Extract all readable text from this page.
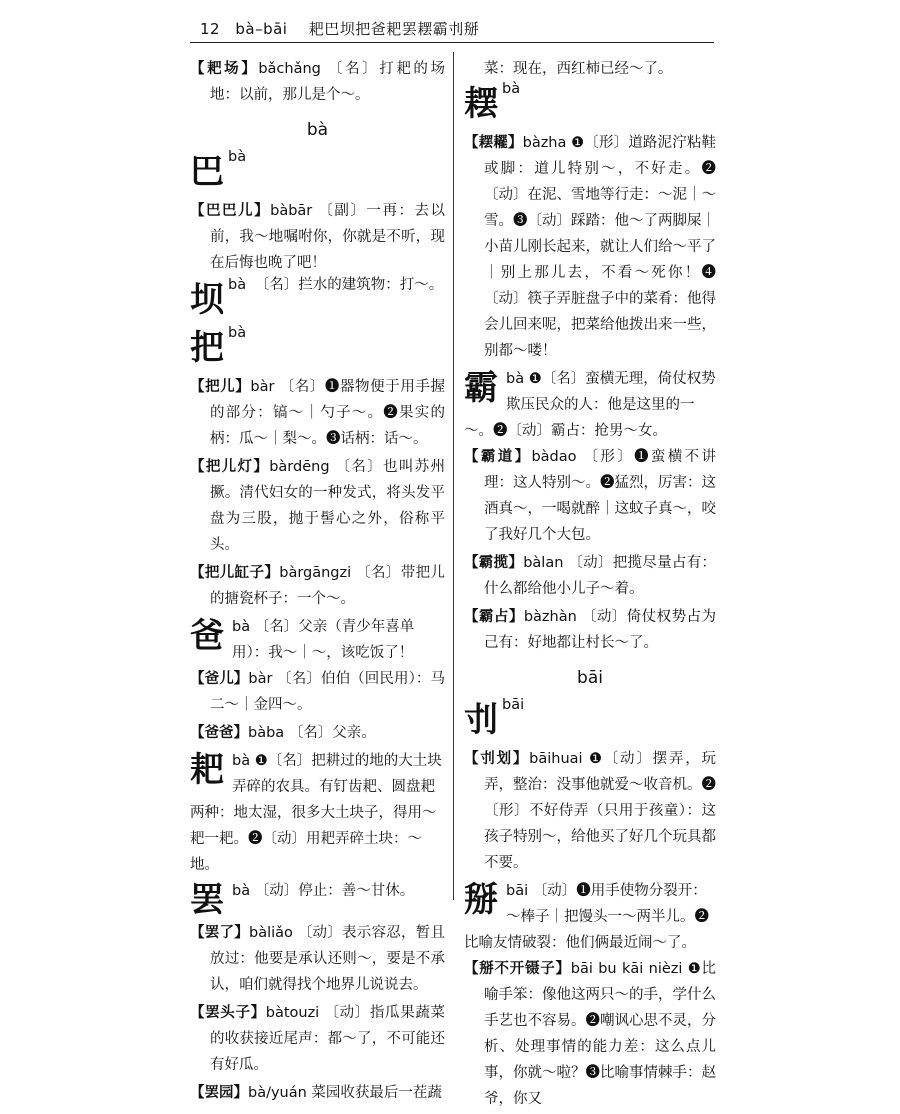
12 bà–bāi 耙巴坝把爸耙罢䎬霸刌掰
【耙场】bǎchǎng 〔名〕打耙的场地：以前，那儿是个～。
bà
巴bà
【巴巴儿】bàbār 〔副〕一再：去以前，我～地嘱咐你，你就是不听，现在后悔也晚了吧！
坝bà 〔名〕拦水的建筑物：打～。
把bà
【把儿】bàr 〔名〕❶器物便于用手握的部分：镐～｜勺子～。❷果实的柄：瓜～｜梨～。❸话柄：话～。
【把儿灯】bàrdēng 〔名〕也叫苏州撅。清代妇女的一种发式，将头发平盘为三股，抛于髻心之外，俗称平头。
【把儿缸子】bàrgāngzi 〔名〕带把儿的搪瓷杯子：一个～。
爸bà 〔名〕父亲（青少年喜单用）：我～｜～，该吃饭了！
【爸儿】bàr 〔名〕伯伯（回民用）：马二～｜金四～。
【爸爸】bàba 〔名〕父亲。
耙bà ❶〔名〕把耕过的地的大土块弄碎的农具。有钉齿耙、圆盘耙两种：地太湿，很多大土块子，得用～耙一耙。❷〔动〕用耙弄碎土块：～地。
罢bà 〔动〕停止：善～甘休。
【罢了】bàliǎo 〔动〕表示容忍，暂且放过：他要是承认还则～，要是不承认，咱们就得找个地界儿说说去。
【罢头子】bàtouzi 〔动〕指瓜果蔬菜的收获接近尾声：都～了，不可能还有好瓜。
【罢园】bà/yuán 菜园收获最后一茬蔬
菜：现在，西红柿已经～了。
䎬bà
【䎬䎱】bàzha ❶〔形〕道路泥泞粘鞋或脚：道儿特别～，不好走。❷〔动〕在泥、雪地等行走：～泥｜～雪。❸〔动〕踩踏：他～了两脚屎｜小苗儿刚长起来，就让人们给～平了｜别上那儿去，不看～死你！❹〔动〕筷子弄脏盘子中的菜肴：他得会儿回来呢，把菜给他拨出来一些，别都～喽！
霸bà ❶〔名〕蛮横无理，倚仗权势欺压民众的人：他是这里的一～。❷〔动〕霸占：抢男～女。
【霸道】bàdao 〔形〕❶蛮横不讲理：这人特别～。❷猛烈，厉害：这酒真～，一喝就醉｜这蚊子真～，咬了我好几个大包。
【霸揽】bàlan 〔动〕把揽尽量占有：什么都给他小儿子～着。
【霸占】bàzhàn 〔动〕倚仗权势占为己有：好地都让村长～了。
bāi
刌bāi
【刌划】bāihuai ❶〔动〕摆弄，玩弄，整治：没事他就爱～收音机。❷〔形〕不好侍弄（只用于孩童）：这孩子特别～，给他买了好几个玩具都不要。
掰bāi 〔动〕❶用手使物分裂开：～棒子｜把馒头一～两半儿。❷比喻友情破裂：他们俩最近闹～了。
【掰不开镊子】bāi bu kāi nièzi ❶比喻手笨：像他这两只～的手，学什么手艺也不容易。❷嘲讽心思不灵，分析、处理事情的能力差：这么点儿事，你就～啦？❸比喻事情棘手：赵爷，你又
